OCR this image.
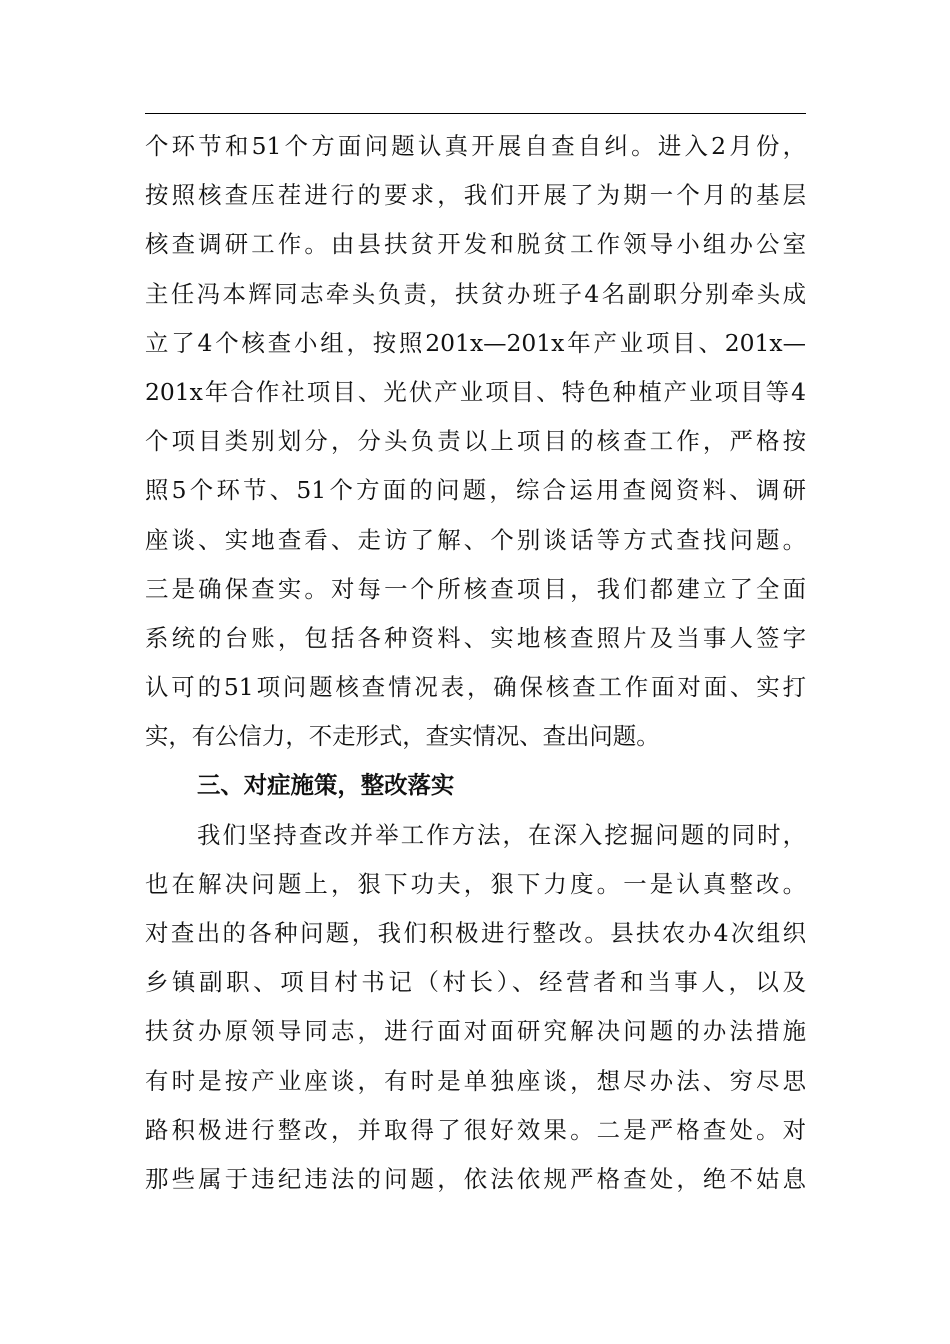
个环节和51个方面问题认真开展自查自纠。进入2月份，
按照核查压茬进行的要求，我们开展了为期一个月的基层
核查调研工作。由县扶贫开发和脱贫工作领导小组办公室
主任冯本辉同志牵头负责，扶贫办班子4名副职分别牵头成
立了4个核查小组，按照201x—201x年产业项目、201x—
201x年合作社项目、光伏产业项目、特色种植产业项目等4
个项目类别划分，分头负责以上项目的核查工作，严格按
照5个环节、51个方面的问题，综合运用查阅资料、调研
座谈、实地查看、走访了解、个别谈话等方式查找问题。
三是确保查实。对每一个所核查项目，我们都建立了全面
系统的台账，包括各种资料、实地核查照片及当事人签字
认可的51项问题核查情况表，确保核查工作面对面、实打
实，有公信力，不走形式，查实情况、查出问题。
三、对症施策，整改落实
我们坚持查改并举工作方法，在深入挖掘问题的同时，
也在解决问题上，狠下功夫，狠下力度。一是认真整改。
对查出的各种问题，我们积极进行整改。县扶农办4次组织
乡镇副职、项目村书记（村长）、经营者和当事人，以及
扶贫办原领导同志，进行面对面研究解决问题的办法措施
有时是按产业座谈，有时是单独座谈，想尽办法、穷尽思
路积极进行整改，并取得了很好效果。二是严格查处。对
那些属于违纪违法的问题，依法依规严格查处，绝不姑息
